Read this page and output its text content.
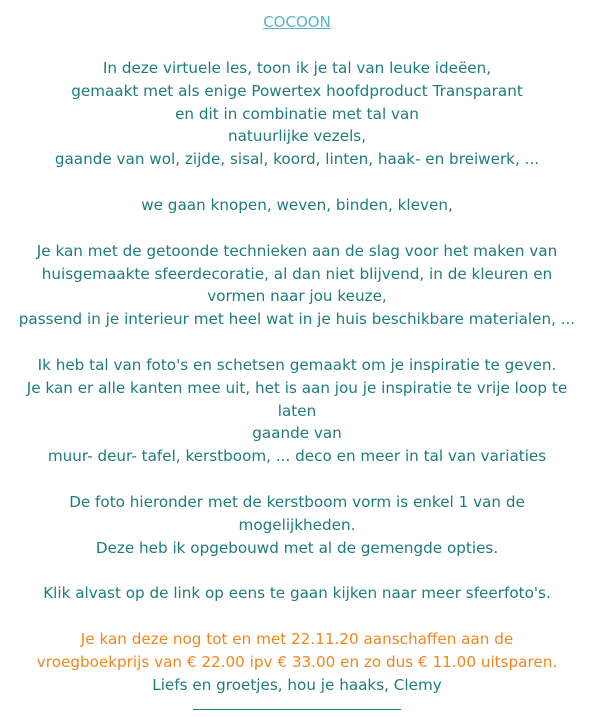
COCOON
In deze virtuele les, toon ik je tal van leuke ideëen,
gemaakt met als enige Powertex hoofdproduct Transparant
en dit in combinatie met tal van
natuurlijke vezels,
gaande van wol, zijde, sisal, koord, linten, haak- en breiwerk, ...
we gaan knopen, weven, binden, kleven,
Je kan met de getoonde technieken aan de slag voor het maken van
huisgemaakte sfeerdecoratie, al dan niet blijvend, in de kleuren en
vormen naar jou keuze,
passend in je interieur met heel wat in je huis beschikbare materialen, ...
Ik heb tal van foto's en schetsen gemaakt om je inspiratie te geven.
Je kan er alle kanten mee uit, het is aan jou je inspiratie te vrije loop te
laten
gaande van
muur- deur- tafel, kerstboom, ... deco en meer in tal van variaties
De foto hieronder met de kerstboom vorm is enkel 1 van de
mogelijkheden.
Deze heb ik opgebouwd met al de gemengde opties.
Klik alvast op de link op eens te gaan kijken naar meer sfeerfoto's.
Je kan deze nog tot en met 22.11.20 aanschaffen aan de
vroegboekprijs van € 22.00 ipv € 33.00 en zo dus € 11.00 uitsparen.
Liefs en groetjes, hou je haaks, Clemy
